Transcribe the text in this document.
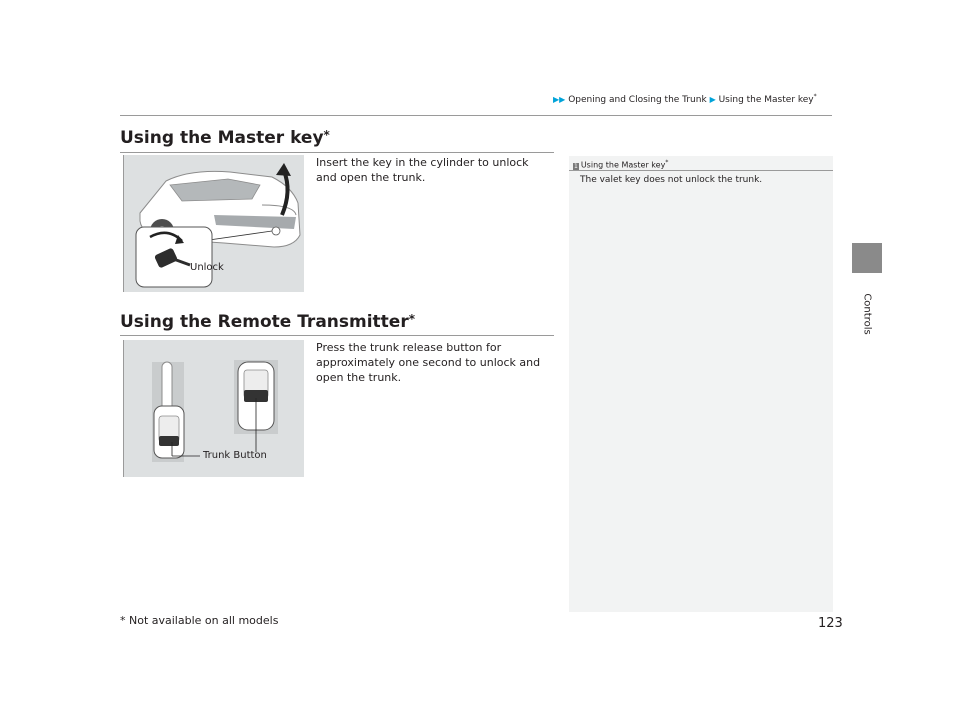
▶▶ Opening and Closing the Trunk ▶ Using the Master key*
Controls
Using the Master key*
Unlock
Insert the key in the cylinder to unlock and open the trunk.
Using the Remote Transmitter*
Trunk Button
Press the trunk release button for approximately one second to unlock and open the trunk.
1 Using the Master key*
The valet key does not unlock the trunk.
* Not available on all models	123
